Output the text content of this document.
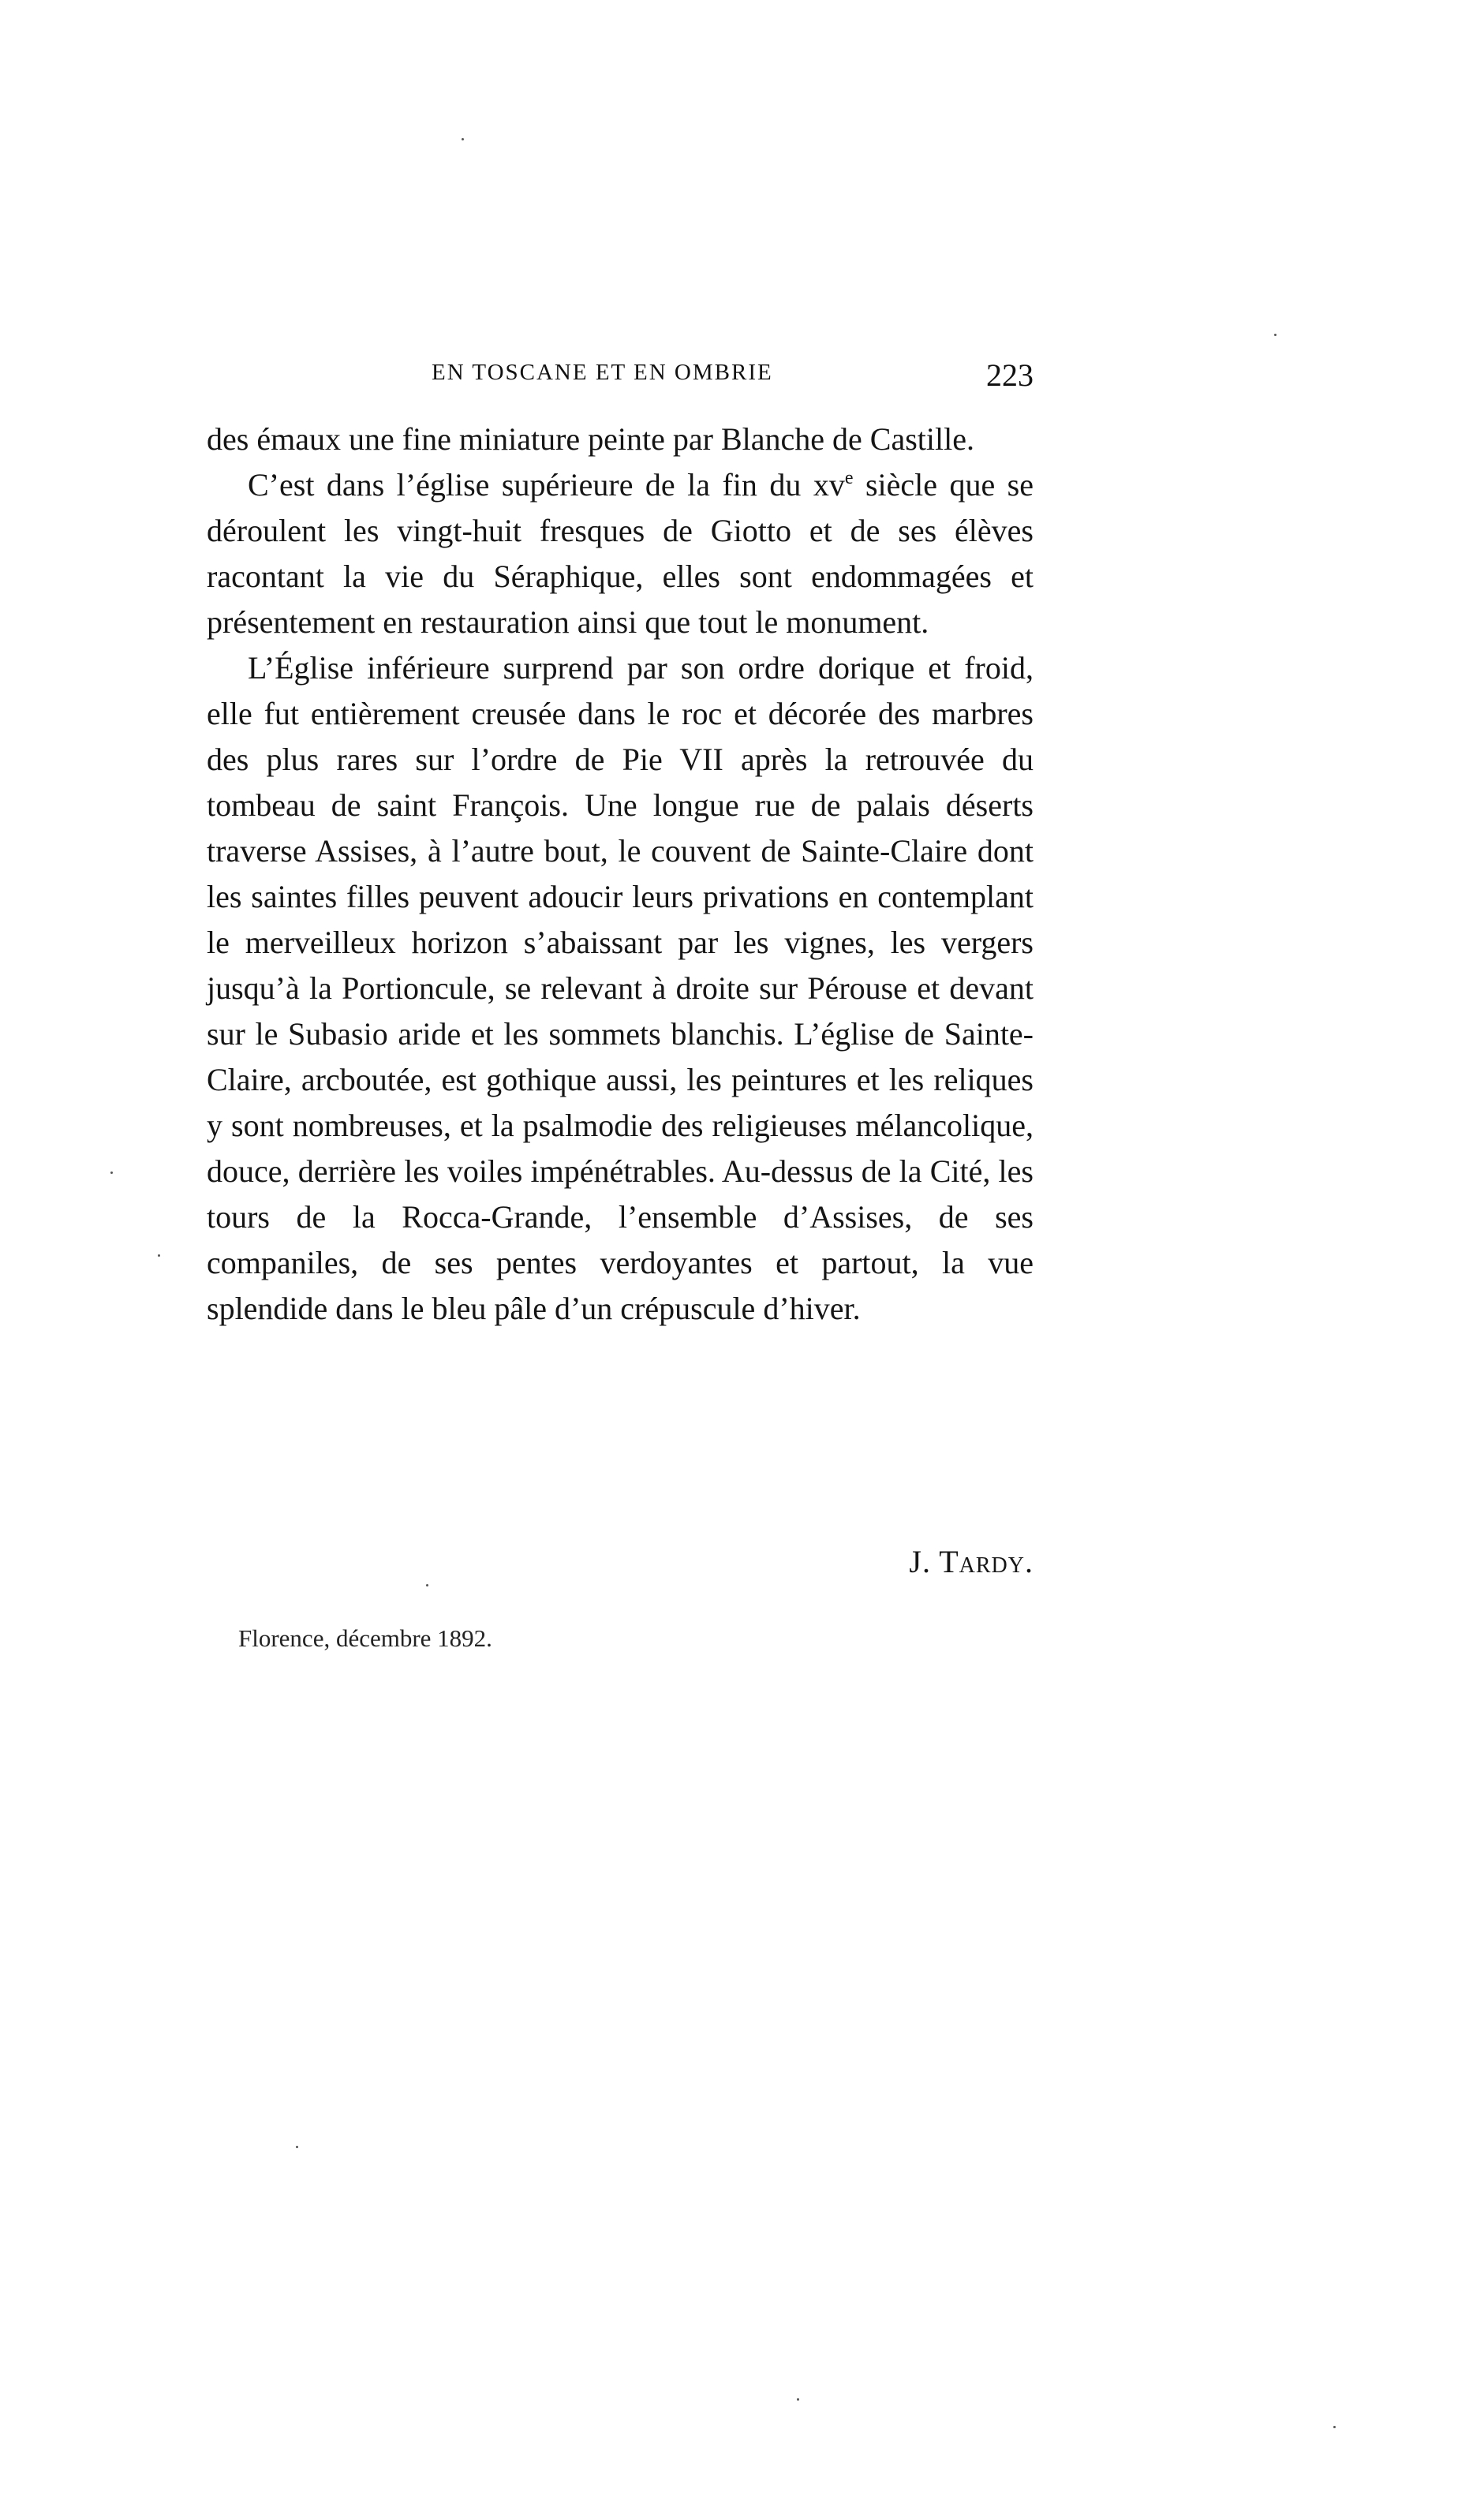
EN TOSCANE ET EN OMBRIE	223

des émaux une fine miniature peinte par Blanche de Castille.

C’est dans l’église supérieure de la fin du $xv^e$ siècle que se déroulent les vingt-huit fresques de Giotto et de ses élèves racontant la vie du Séraphique, elles sont endommagées et présentement en restauration ainsi que tout le monument.

L’Église inférieure surprend par son ordre dorique et froid, elle fut entièrement creusée dans le roc et décorée des marbres des plus rares sur l’ordre de Pie VII après la retrouvée du tombeau de saint François. Une longue rue de palais déserts traverse Assises, à l’autre bout, le couvent de Sainte-Claire dont les saintes filles peuvent adoucir leurs privations en contemplant le merveilleux horizon s’abaissant par les vignes, les vergers jusqu’à la Portioncule, se relevant à droite sur Pérouse et devant sur le Subasio aride et les sommets blanchis. L’église de Sainte-Claire, arcboutée, est gothique aussi, les peintures et les reliques y sont nombreuses, et la psalmodie des religieuses mélancolique, douce, derrière les voiles impénétrables. Au-dessus de la Cité, les tours de la Rocca-Grande, l’ensemble d’Assises, de ses companiles, de ses pentes verdoyantes et partout, la vue splendide dans le bleu pâle d’un crépuscule d’hiver.

J. Tardy.
Florence, décembre 1892.
